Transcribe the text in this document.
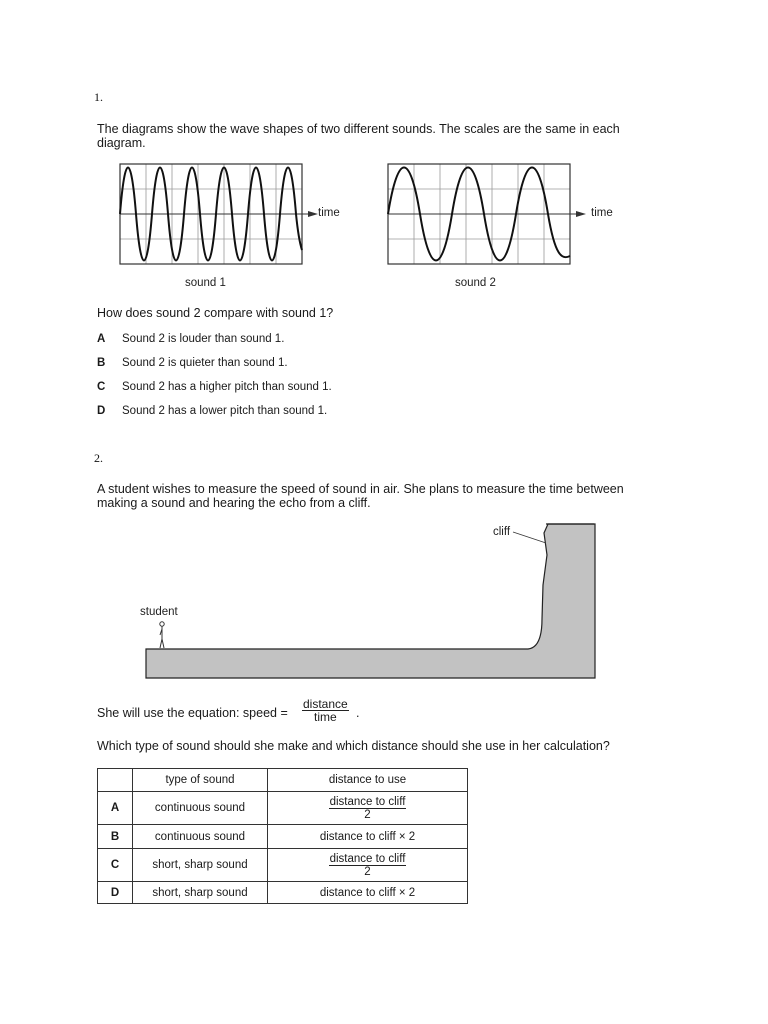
1.
The diagrams show the wave shapes of two different sounds. The scales are the same in each
diagram.
time
sound 1
time
sound 2
How does sound 2 compare with sound 1?
A Sound 2 is louder than sound 1.
B Sound 2 is quieter than sound 1.
C Sound 2 has a higher pitch than sound 1.
D Sound 2 has a lower pitch than sound 1.
2.
A student wishes to measure the speed of sound in air. She plans to measure the time between
making a sound and hearing the echo from a cliff.
cliff
student
She will use the equation: speed = $\frac{\text{distance}}{\text{time}}$ .
Which type of sound should she make and which distance should she use in her calculation?
	type of sound	distance to use
A	continuous sound	$\frac{\text{distance to cliff}}{2}$

B	continuous sound	distance to cliff × 2
C	short, sharp sound	$\frac{\text{distance to cliff}}{2}$

D	short, sharp sound	distance to cliff × 2
